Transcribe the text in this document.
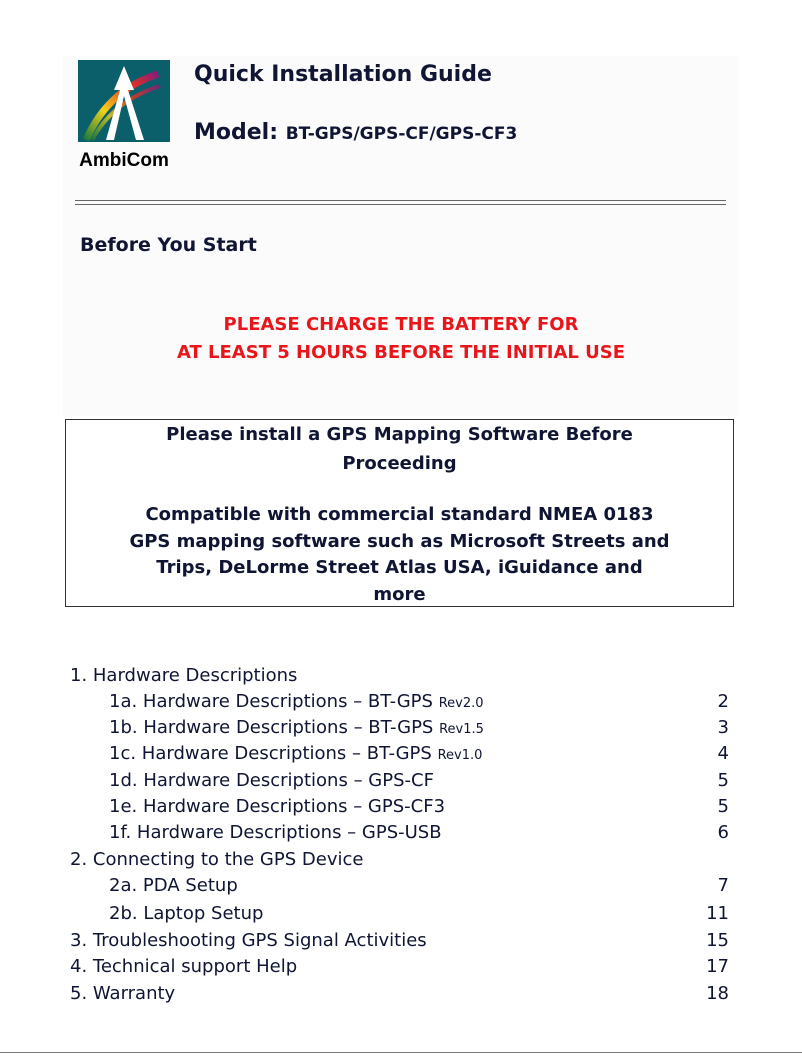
AmbiCom
Quick Installation Guide
Model: BT-GPS/GPS-CF/GPS-CF3
Before You Start
PLEASE CHARGE THE BATTERY FOR
AT LEAST 5 HOURS BEFORE THE INITIAL USE
Please install a GPS Mapping Software Before
Proceeding
Compatible with commercial standard NMEA 0183
GPS mapping software such as Microsoft Streets and
Trips, DeLorme Street Atlas USA, iGuidance and
more
1. Hardware Descriptions
1a. Hardware Descriptions – BT-GPS Rev2.0	2
1b. Hardware Descriptions – BT-GPS Rev1.5	3
1c. Hardware Descriptions – BT-GPS Rev1.0	4
1d. Hardware Descriptions – GPS-CF	5
1e. Hardware Descriptions – GPS-CF3	5
1f. Hardware Descriptions – GPS-USB	6
2. Connecting to the GPS Device
2a. PDA Setup	7
2b. Laptop Setup	11
3. Troubleshooting GPS Signal Activities	15
4. Technical support Help	17
5. Warranty	18
